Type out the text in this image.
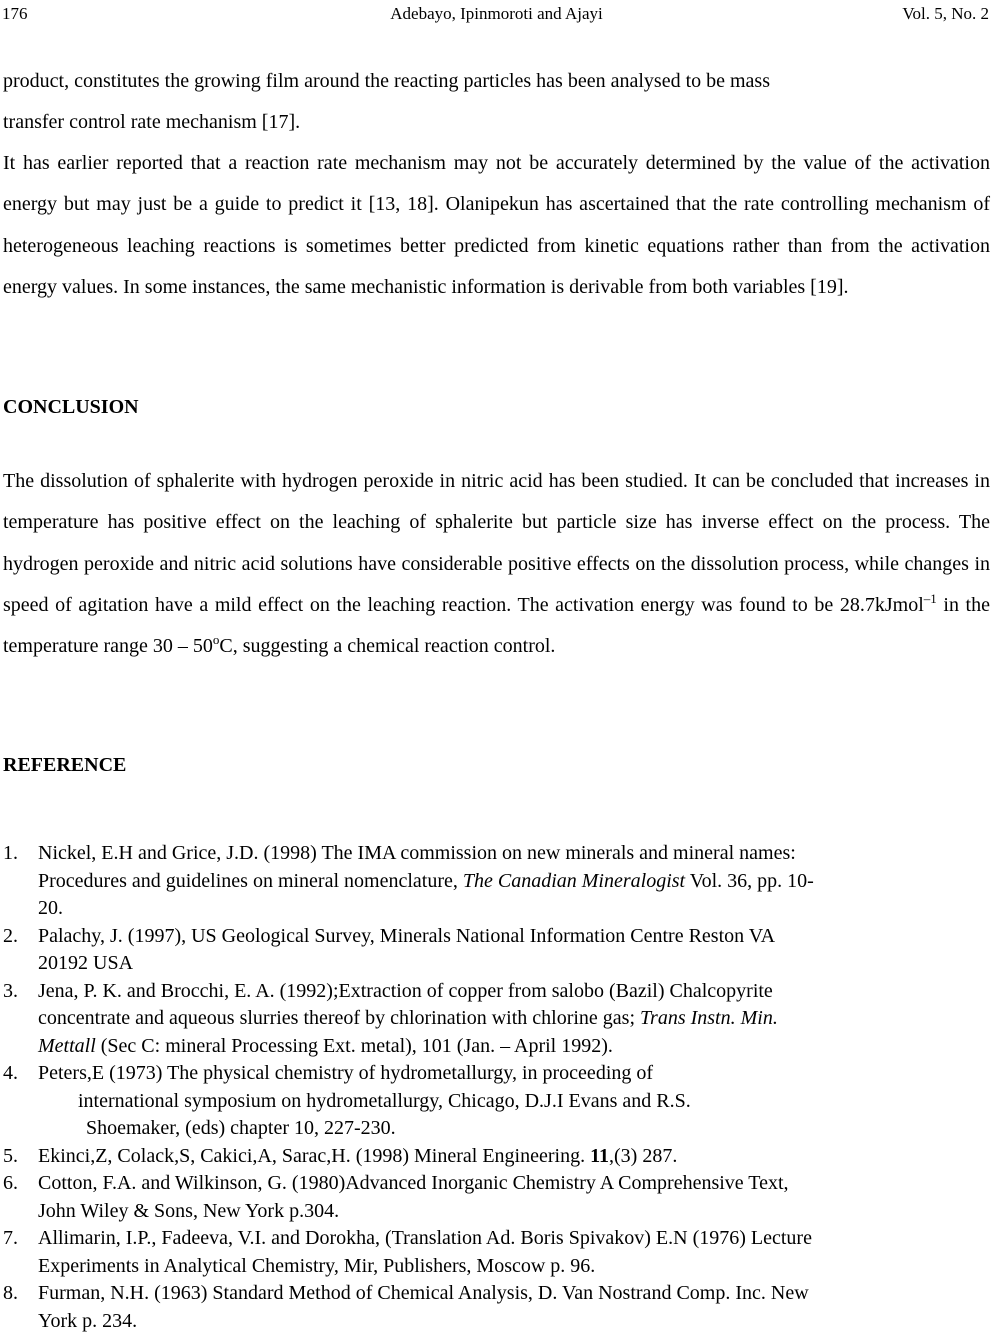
176	Adebayo, Ipinmoroti and Ajayi	Vol. 5, No. 2

product, constitutes the growing film around the reacting particles has been analysed to be mass

transfer control rate mechanism [17].

It has earlier reported that a reaction rate mechanism may not be accurately determined by the value of the activation energy but may just be a guide to predict it [13, 18]. Olanipekun has ascertained that the rate controlling mechanism of heterogeneous leaching reactions is sometimes better predicted from kinetic equations rather than from the activation energy values. In some instances, the same mechanistic information is derivable from both variables [19].

CONCLUSION

The dissolution of sphalerite with hydrogen peroxide in nitric acid has been studied. It can be concluded that increases in temperature has positive effect on the leaching of sphalerite but particle size has inverse effect on the process. The hydrogen peroxide and nitric acid solutions have considerable positive effects on the dissolution process, while changes in speed of agitation have a mild effect on the leaching reaction. The activation energy was found to be 28.7kJmol$^{-1}$ in the temperature range 30 – 50$^o$C, suggesting a chemical reaction control.

REFERENCE
1. Nickel, E.H and Grice, J.D. (1998) The IMA commission on new minerals and mineral names:
Procedures and guidelines on mineral nomenclature, The Canadian Mineralogist Vol. 36, pp. 10-
20.
2. Palachy, J. (1997), US Geological Survey, Minerals National Information Centre Reston VA
20192 USA
3. Jena, P. K. and Brocchi, E. A. (1992);Extraction of copper from salobo (Bazil) Chalcopyrite
concentrate and aqueous slurries thereof by chlorination with chlorine gas; Trans Instn. Min.
Mettall (Sec C: mineral Processing Ext. metal), 101 (Jan. – April 1992).
4. Peters,E (1973) The physical chemistry of hydrometallurgy, in proceeding of
international symposium on hydrometallurgy, Chicago, D.J.I Evans and R.S.
Shoemaker, (eds) chapter 10, 227-230.
5. Ekinci,Z, Colack,S, Cakici,A, Sarac,H. (1998) Mineral Engineering. 11,(3) 287.
6. Cotton, F.A. and Wilkinson, G. (1980)Advanced Inorganic Chemistry A Comprehensive Text,
John Wiley & Sons, New York p.304.
7. Allimarin, I.P., Fadeeva, V.I. and Dorokha, (Translation Ad. Boris Spivakov) E.N (1976) Lecture
Experiments in Analytical Chemistry, Mir, Publishers, Moscow p. 96.
8. Furman, N.H. (1963) Standard Method of Chemical Analysis, D. Van Nostrand Comp. Inc. New
York p. 234.
